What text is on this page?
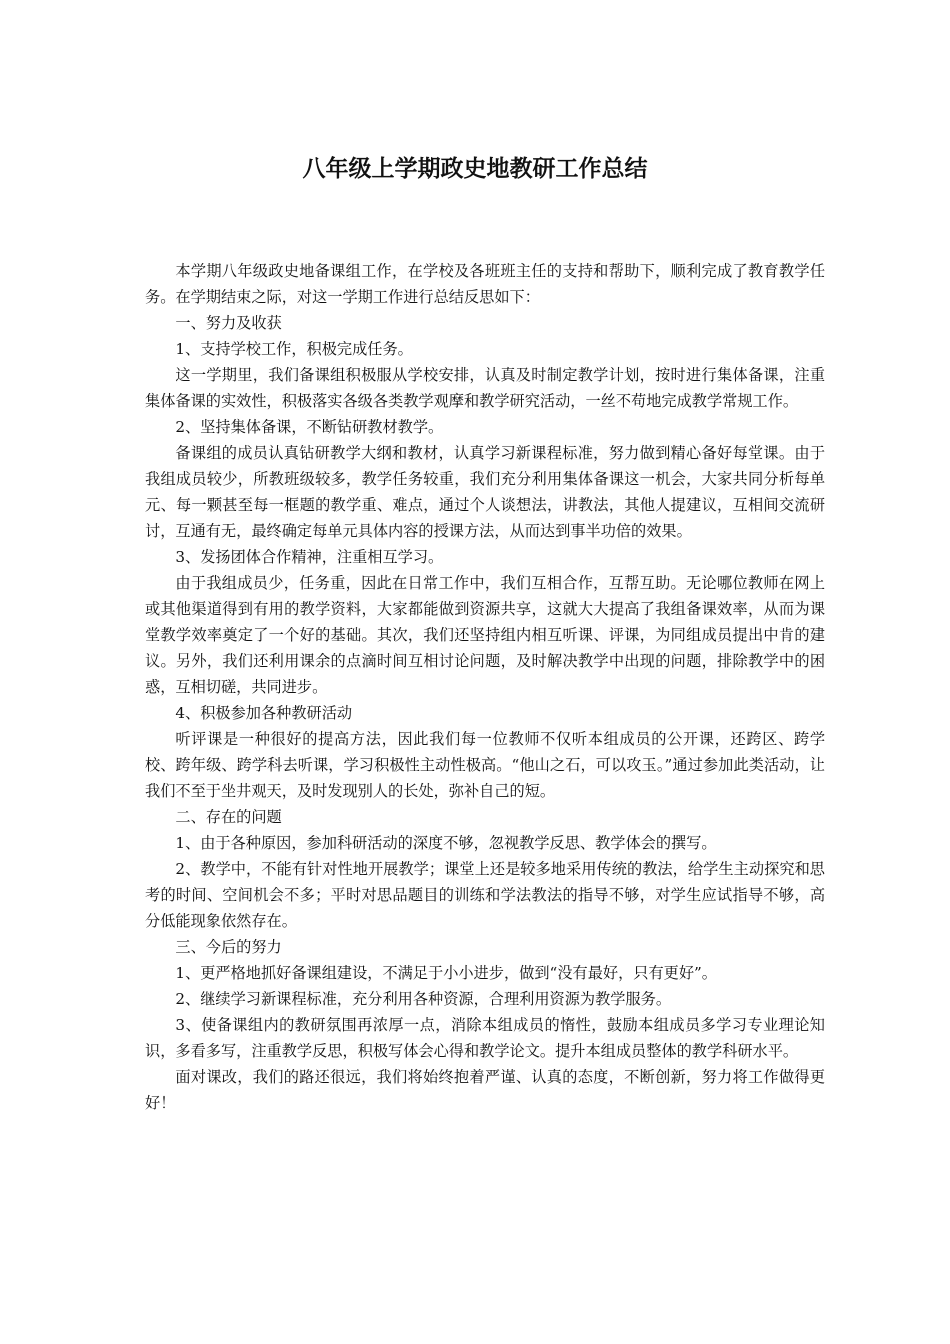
八年级上学期政史地教研工作总结

本学期八年级政史地备课组工作，在学校及各班班主任的支持和帮助下，顺利完成了教育教学任务。在学期结束之际，对这一学期工作进行总结反思如下：

一、努力及收获

1、支持学校工作，积极完成任务。

这一学期里，我们备课组积极服从学校安排，认真及时制定教学计划，按时进行集体备课，注重集体备课的实效性，积极落实各级各类教学观摩和教学研究活动，一丝不苟地完成教学常规工作。

2、坚持集体备课，不断钻研教材教学。

备课组的成员认真钻研教学大纲和教材，认真学习新课程标准，努力做到精心备好每堂课。由于我组成员较少，所教班级较多，教学任务较重，我们充分利用集体备课这一机会，大家共同分析每单元、每一颗甚至每一框题的教学重、难点，通过个人谈想法，讲教法，其他人提建议，互相间交流研讨，互通有无，最终确定每单元具体内容的授课方法，从而达到事半功倍的效果。

3、发扬团体合作精神，注重相互学习。

由于我组成员少，任务重，因此在日常工作中，我们互相合作，互帮互助。无论哪位教师在网上或其他渠道得到有用的教学资料，大家都能做到资源共享，这就大大提高了我组备课效率，从而为课堂教学效率奠定了一个好的基础。其次，我们还坚持组内相互听课、评课，为同组成员提出中肯的建议。另外，我们还利用课余的点滴时间互相讨论问题，及时解决教学中出现的问题，排除教学中的困惑，互相切磋，共同进步。

4、积极参加各种教研活动

听评课是一种很好的提高方法，因此我们每一位教师不仅听本组成员的公开课，还跨区、跨学校、跨年级、跨学科去听课，学习积极性主动性极高。“他山之石，可以攻玉。”通过参加此类活动，让我们不至于坐井观天，及时发现别人的长处，弥补自己的短。

二、存在的问题

1、由于各种原因，参加科研活动的深度不够，忽视教学反思、教学体会的撰写。

2、教学中，不能有针对性地开展教学；课堂上还是较多地采用传统的教法，给学生主动探究和思考的时间、空间机会不多；平时对思品题目的训练和学法教法的指导不够，对学生应试指导不够，高分低能现象依然存在。

三、今后的努力

1、更严格地抓好备课组建设，不满足于小小进步，做到“没有最好，只有更好”。

2、继续学习新课程标准，充分利用各种资源，合理利用资源为教学服务。

3、使备课组内的教研氛围再浓厚一点，消除本组成员的惰性，鼓励本组成员多学习专业理论知识，多看多写，注重教学反思，积极写体会心得和教学论文。提升本组成员整体的教学科研水平。

面对课改，我们的路还很远，我们将始终抱着严谨、认真的态度，不断创新，努力将工作做得更好！
